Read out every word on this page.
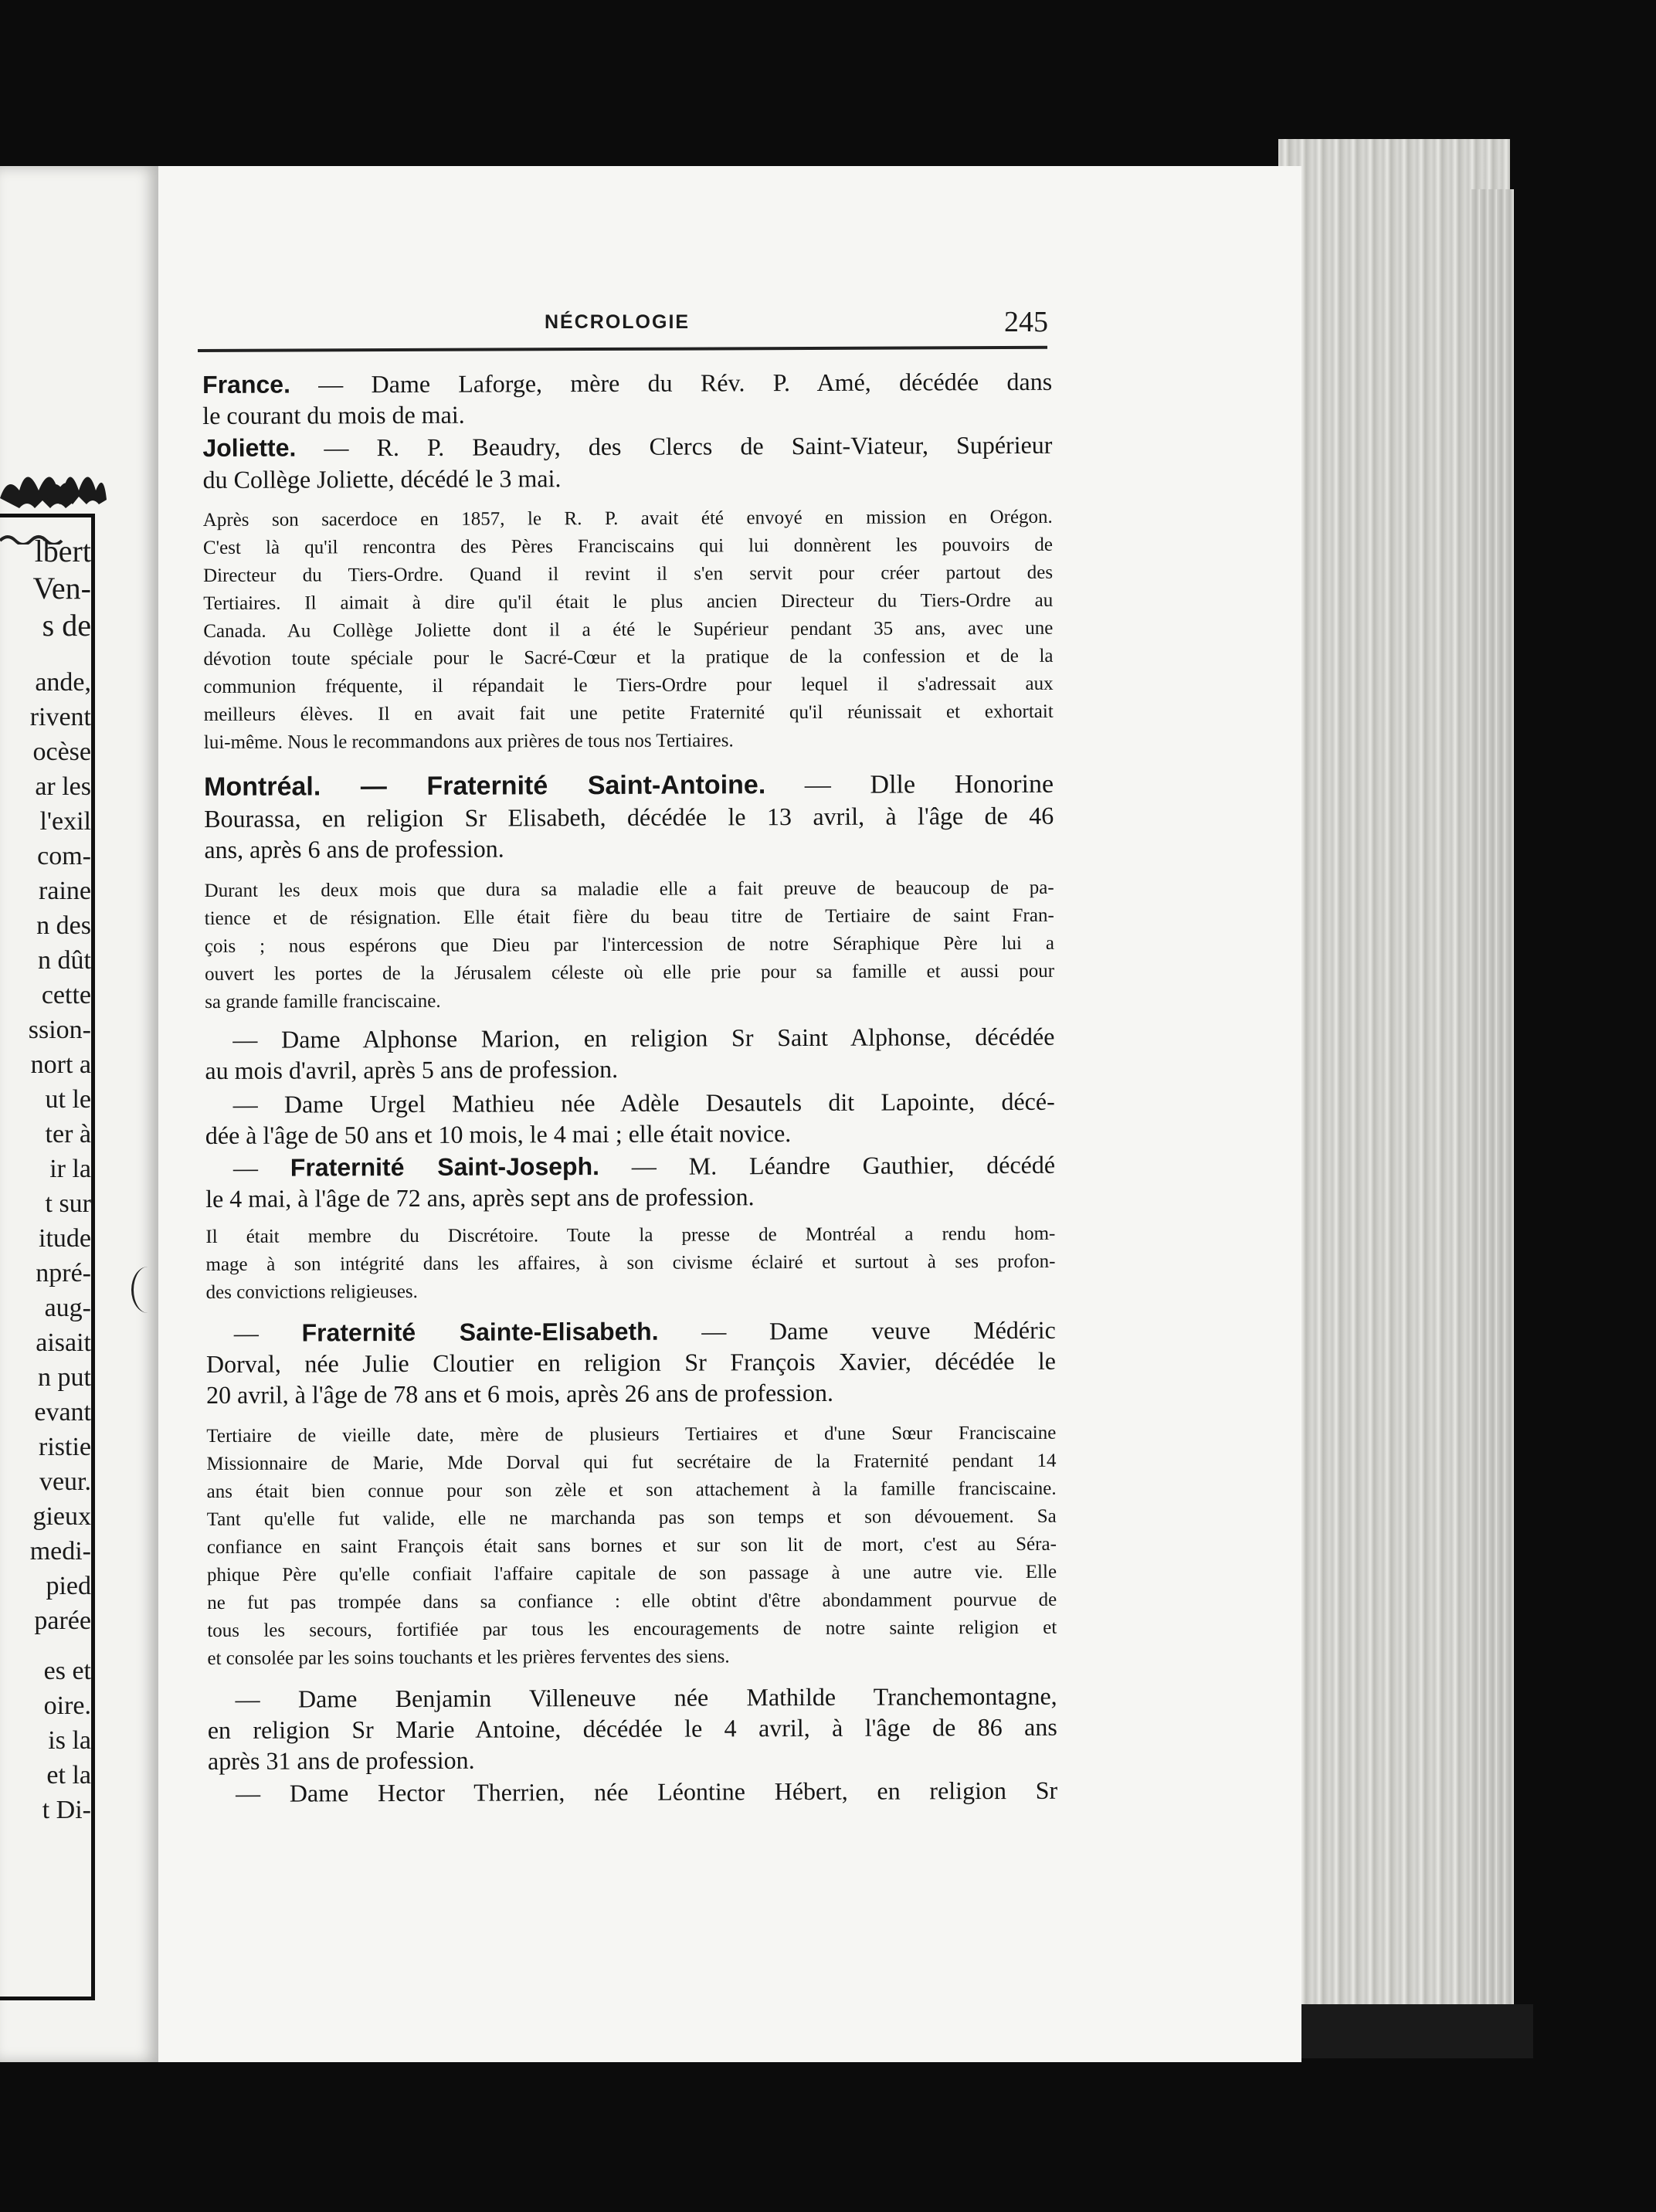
lbert
Ven-
s de
ande,
rivent
ocèse
ar les
l'exil
com-
raine
n des
n dût
cette
ssion-
nort a
ut le
ter à
ir la
t sur
itude
npré-
aug-
aisait
n put
evant
ristie
veur.
gieux
medi-
pied
parée
es et
oire.
is la
et la
t Di-
NÉCROLOGIE	245
France. — Dame Laforge, mère du Rév. P. Amé, décédée dans
le courant du mois de mai.
Joliette. — R. P. Beaudry, des Clercs de Saint-Viateur, Supérieur
du Collège Joliette, décédé le 3 mai.
Après son sacerdoce en 1857, le R. P. avait été envoyé en mission en Orégon.
C'est là qu'il rencontra des Pères Franciscains qui lui donnèrent les pouvoirs de
Directeur du Tiers-Ordre. Quand il revint il s'en servit pour créer partout des
Tertiaires. Il aimait à dire qu'il était le plus ancien Directeur du Tiers-Ordre au
Canada. Au Collège Joliette dont il a été le Supérieur pendant 35 ans, avec une
dévotion toute spéciale pour le Sacré-Cœur et la pratique de la confession et de la
communion fréquente, il répandait le Tiers-Ordre pour lequel il s'adressait aux
meilleurs élèves. Il en avait fait une petite Fraternité qu'il réunissait et exhortait
lui-même. Nous le recommandons aux prières de tous nos Tertiaires.
Montréal. — Fraternité Saint-Antoine. — Dlle Honorine
Bourassa, en religion Sr Elisabeth, décédée le 13 avril, à l'âge de 46
ans, après 6 ans de profession.
Durant les deux mois que dura sa maladie elle a fait preuve de beaucoup de pa-
tience et de résignation. Elle était fière du beau titre de Tertiaire de saint Fran-
çois ; nous espérons que Dieu par l'intercession de notre Séraphique Père lui a
ouvert les portes de la Jérusalem céleste où elle prie pour sa famille et aussi pour
sa grande famille franciscaine.
— Dame Alphonse Marion, en religion Sr Saint Alphonse, décédée
au mois d'avril, après 5 ans de profession.
— Dame Urgel Mathieu née Adèle Desautels dit Lapointe, décé-
dée à l'âge de 50 ans et 10 mois, le 4 mai ; elle était novice.
— Fraternité Saint-Joseph. — M. Léandre Gauthier, décédé
le 4 mai, à l'âge de 72 ans, après sept ans de profession.
Il était membre du Discrétoire. Toute la presse de Montréal a rendu hom-
mage à son intégrité dans les affaires, à son civisme éclairé et surtout à ses profon-
des convictions religieuses.
— Fraternité Sainte-Elisabeth. — Dame veuve Médéric
Dorval, née Julie Cloutier en religion Sr François Xavier, décédée le
20 avril, à l'âge de 78 ans et 6 mois, après 26 ans de profession.
Tertiaire de vieille date, mère de plusieurs Tertiaires et d'une Sœur Franciscaine
Missionnaire de Marie, Mde Dorval qui fut secrétaire de la Fraternité pendant 14
ans était bien connue pour son zèle et son attachement à la famille franciscaine.
Tant qu'elle fut valide, elle ne marchanda pas son temps et son dévouement. Sa
confiance en saint François était sans bornes et sur son lit de mort, c'est au Séra-
phique Père qu'elle confiait l'affaire capitale de son passage à une autre vie. Elle
ne fut pas trompée dans sa confiance : elle obtint d'être abondamment pourvue de
tous les secours, fortifiée par tous les encouragements de notre sainte religion et
et consolée par les soins touchants et les prières ferventes des siens.
— Dame Benjamin Villeneuve née Mathilde Tranchemontagne,
en religion Sr Marie Antoine, décédée le 4 avril, à l'âge de 86 ans
après 31 ans de profession.
— Dame Hector Therrien, née Léontine Hébert, en religion Sr
